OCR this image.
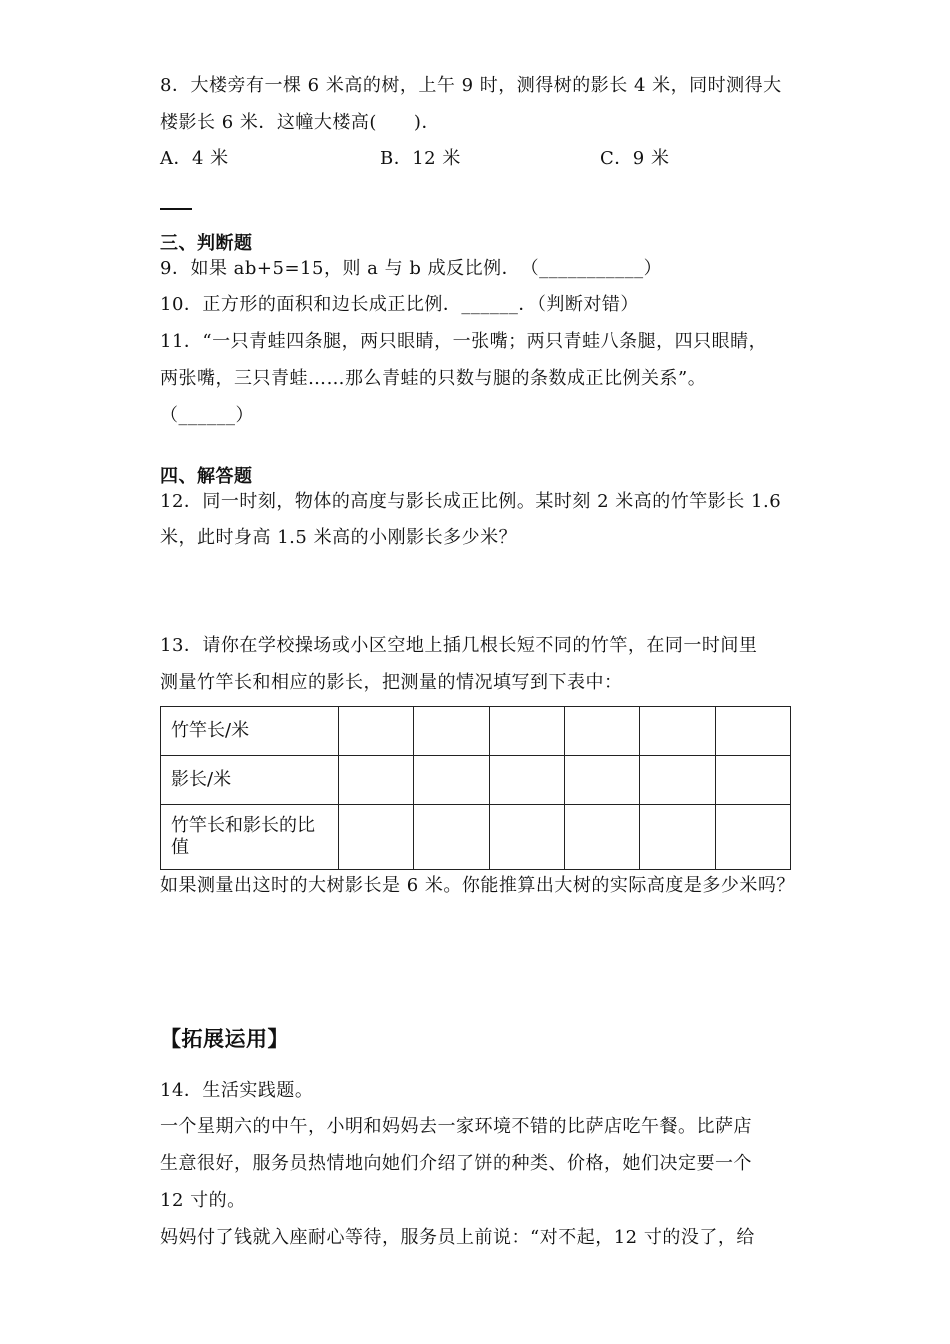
8．大楼旁有一棵 6 米高的树，上午 9 时，测得树的影长 4 米，同时测得大
楼影长 6 米．这幢大楼高(　　)．
A．4 米	B．12 米	C．9 米
三、判断题
9．如果 ab+5=15，则 a 与 b 成反比例．　（___________）
10．正方形的面积和边长成正比例．______．（判断对错）
11．“一只青蛙四条腿，两只眼睛，一张嘴；两只青蛙八条腿，四只眼睛，
两张嘴，三只青蛙……那么青蛙的只数与腿的条数成正比例关系”。
（______）
四、解答题
12．同一时刻，物体的高度与影长成正比例。某时刻 2 米高的竹竿影长 1.6
米，此时身高 1.5 米高的小刚影长多少米？
13．请你在学校操场或小区空地上插几根长短不同的竹竿，在同一时间里
测量竹竿长和相应的影长，把测量的情况填写到下表中：
竹竿长/米						
影长/米						
竹竿长和影长的比值						
如果测量出这时的大树影长是 6 米。你能推算出大树的实际高度是多少米吗？
【拓展运用】
14．生活实践题。
一个星期六的中午，小明和妈妈去一家环境不错的比萨店吃午餐。比萨店
生意很好，服务员热情地向她们介绍了饼的种类、价格，她们决定要一个
12 寸的。
妈妈付了钱就入座耐心等待，服务员上前说：“对不起，12 寸的没了，给
